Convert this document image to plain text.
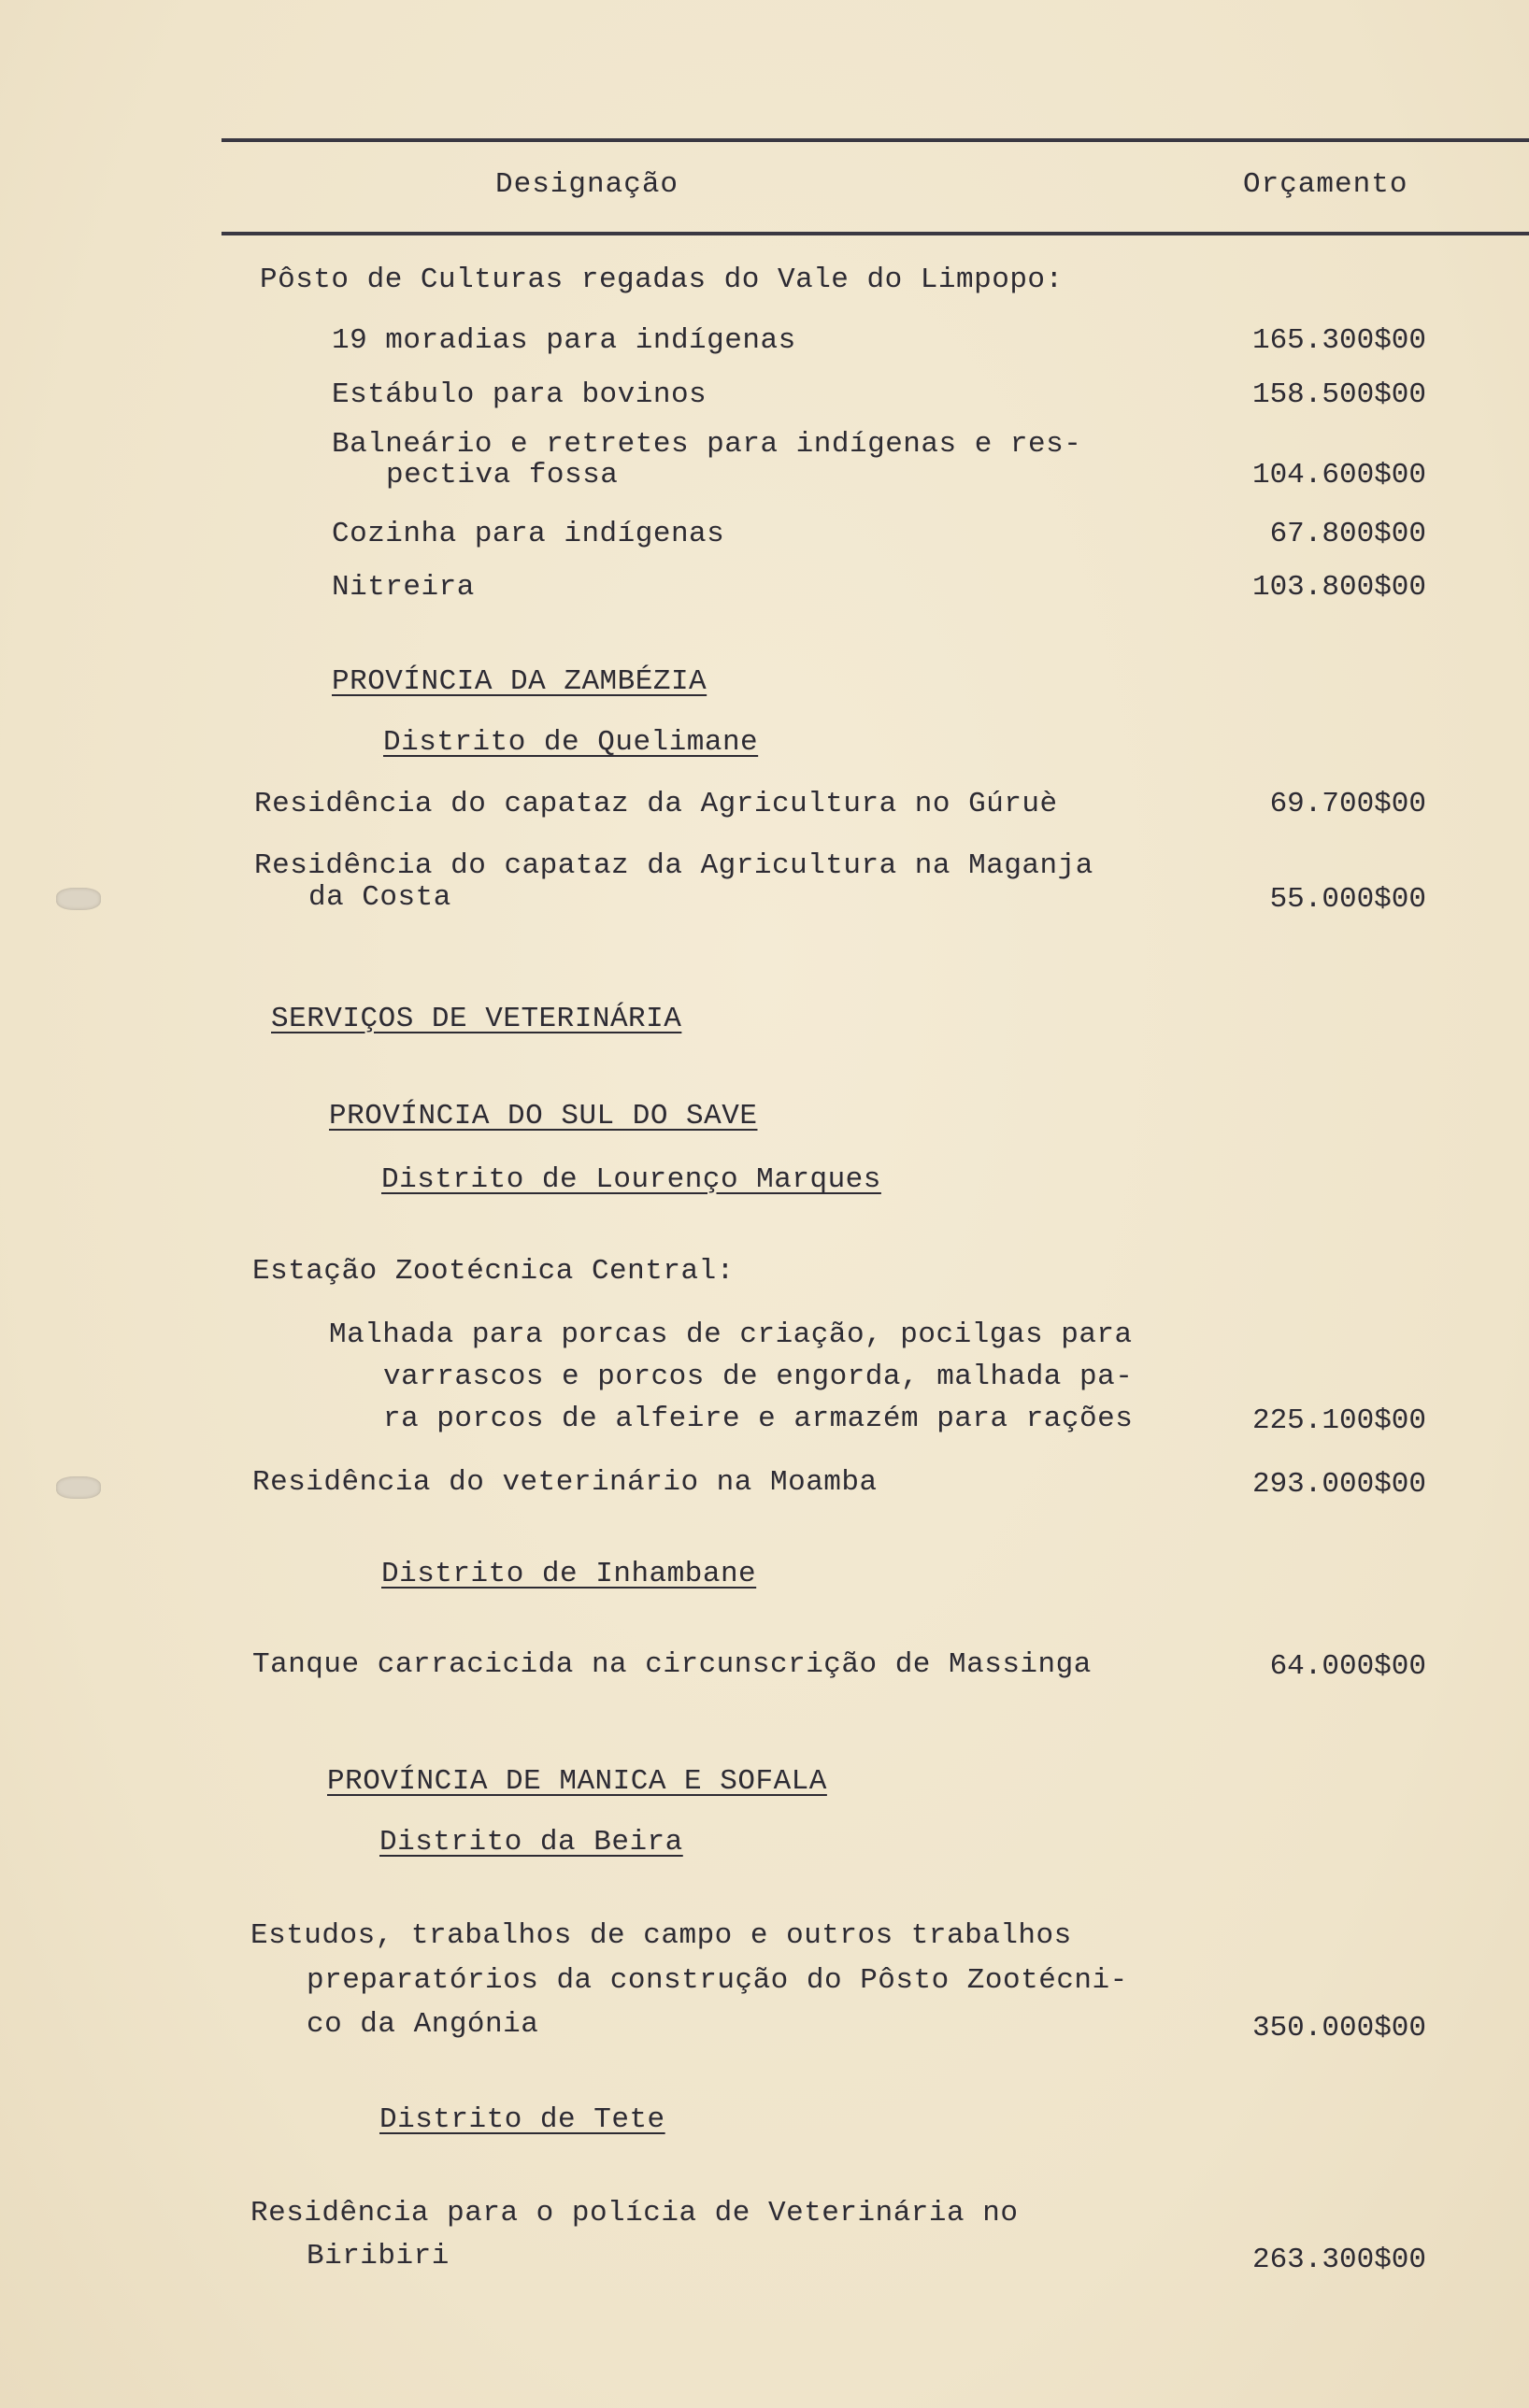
Designação	Orçamento
Pôsto de Culturas regadas do Vale do Limpopo:
19 moradias para indígenas	165.300$00
Estábulo para bovinos	158.500$00
Balneário e retretes para indígenas e res-
pectiva fossa	104.600$00
Cozinha para indígenas	67.800$00
Nitreira	103.800$00
PROVÍNCIA DA ZAMBÉZIA
Distrito de Quelimane
Residência do capataz da Agricultura no Gúruè	69.700$00
Residência do capataz da Agricultura na Maganja
da Costa	55.000$00
SERVIÇOS DE VETERINÁRIA
PROVÍNCIA DO SUL DO SAVE
Distrito de Lourenço Marques
Estação Zootécnica Central:
Malhada para porcas de criação, pocilgas para
varrascos e porcos de engorda, malhada pa-
ra porcos de alfeire e armazém para rações	225.100$00
Residência do veterinário na Moamba	293.000$00
Distrito de Inhambane
Tanque carracicida na circunscrição de Massinga	64.000$00
PROVÍNCIA DE MANICA E SOFALA
Distrito da Beira
Estudos, trabalhos de campo e outros trabalhos
preparatórios da construção do Pôsto Zootécni-
co da Angónia	350.000$00
Distrito de Tete
Residência para o polícia de Veterinária no
Biribiri	263.300$00
